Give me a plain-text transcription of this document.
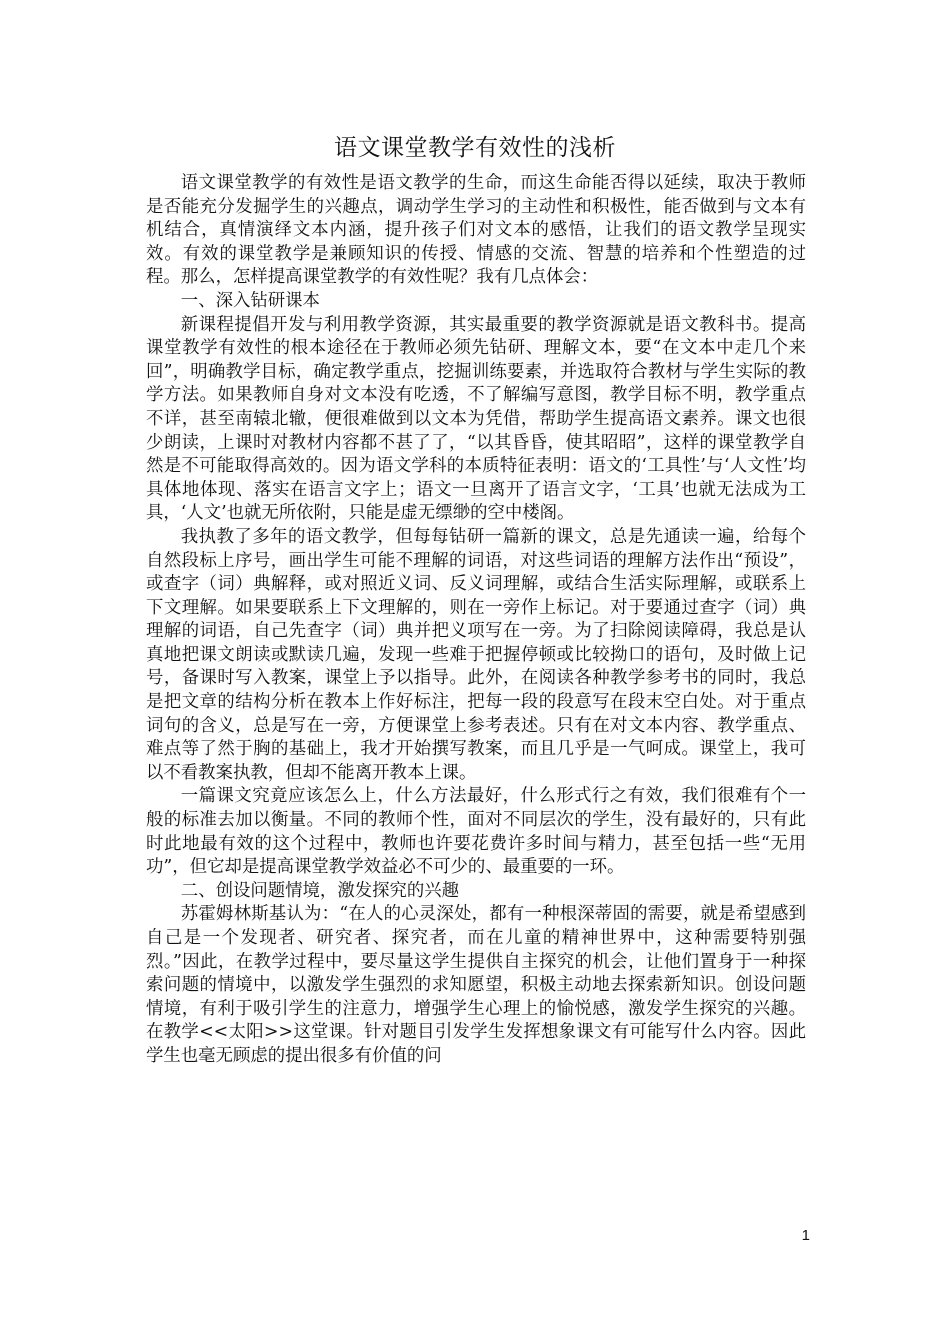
语文课堂教学有效性的浅析

语文课堂教学的有效性是语文教学的生命，而这生命能否得以延续，取决于教师是否能充分发掘学生的兴趣点，调动学生学习的主动性和积极性，能否做到与文本有机结合，真情演绎文本内涵，提升孩子们对文本的感悟，让我们的语文教学呈现实效。有效的课堂教学是兼顾知识的传授、情感的交流、智慧的培养和个性塑造的过程。那么，怎样提高课堂教学的有效性呢？我有几点体会：

一、深入钻研课本

新课程提倡开发与利用教学资源，其实最重要的教学资源就是语文教科书。提高课堂教学有效性的根本途径在于教师必须先钻研、理解文本，要“在文本中走几个来回”，明确教学目标，确定教学重点，挖掘训练要素，并选取符合教材与学生实际的教学方法。如果教师自身对文本没有吃透，不了解编写意图，教学目标不明，教学重点不详，甚至南辕北辙，便很难做到以文本为凭借，帮助学生提高语文素养。课文也很少朗读，上课时对教材内容都不甚了了，“以其昏昏，使其昭昭”，这样的课堂教学自然是不可能取得高效的。因为语文学科的本质特征表明：语文的‘工具性’与‘人文性’均具体地体现、落实在语言文字上；语文一旦离开了语言文字，‘工具’也就无法成为工具，‘人文’也就无所依附，只能是虚无缥缈的空中楼阁。

我执教了多年的语文教学，但每每钻研一篇新的课文，总是先通读一遍，给每个自然段标上序号，画出学生可能不理解的词语，对这些词语的理解方法作出“预设”，或查字（词）典解释，或对照近义词、反义词理解，或结合生活实际理解，或联系上下文理解。如果要联系上下文理解的，则在一旁作上标记。对于要通过查字（词）典理解的词语，自己先查字（词）典并把义项写在一旁。为了扫除阅读障碍，我总是认真地把课文朗读或默读几遍，发现一些难于把握停顿或比较拗口的语句，及时做上记号，备课时写入教案，课堂上予以指导。此外，在阅读各种教学参考书的同时，我总是把文章的结构分析在教本上作好标注，把每一段的段意写在段末空白处。对于重点词句的含义，总是写在一旁，方便课堂上参考表述。只有在对文本内容、教学重点、难点等了然于胸的基础上，我才开始撰写教案，而且几乎是一气呵成。课堂上，我可以不看教案执教，但却不能离开教本上课。

一篇课文究竟应该怎么上，什么方法最好，什么形式行之有效，我们很难有个一般的标准去加以衡量。不同的教师个性，面对不同层次的学生，没有最好的，只有此时此地最有效的这个过程中，教师也许要花费许多时间与精力，甚至包括一些“无用功”，但它却是提高课堂教学效益必不可少的、最重要的一环。

二、创设问题情境，激发探究的兴趣

苏霍姆林斯基认为：“在人的心灵深处，都有一种根深蒂固的需要，就是希望感到自己是一个发现者、研究者、探究者，而在儿童的精神世界中，这种需要特别强烈。”因此，在教学过程中，要尽量这学生提供自主探究的机会，让他们置身于一种探索问题的情境中，以激发学生强烈的求知愿望，积极主动地去探索新知识。创设问题情境，有利于吸引学生的注意力，增强学生心理上的愉悦感，激发学生探究的兴趣。在教学<<太阳>>这堂课。针对题目引发学生发挥想象课文有可能写什么内容。因此学生也毫无顾虑的提出很多有价值的问

1
